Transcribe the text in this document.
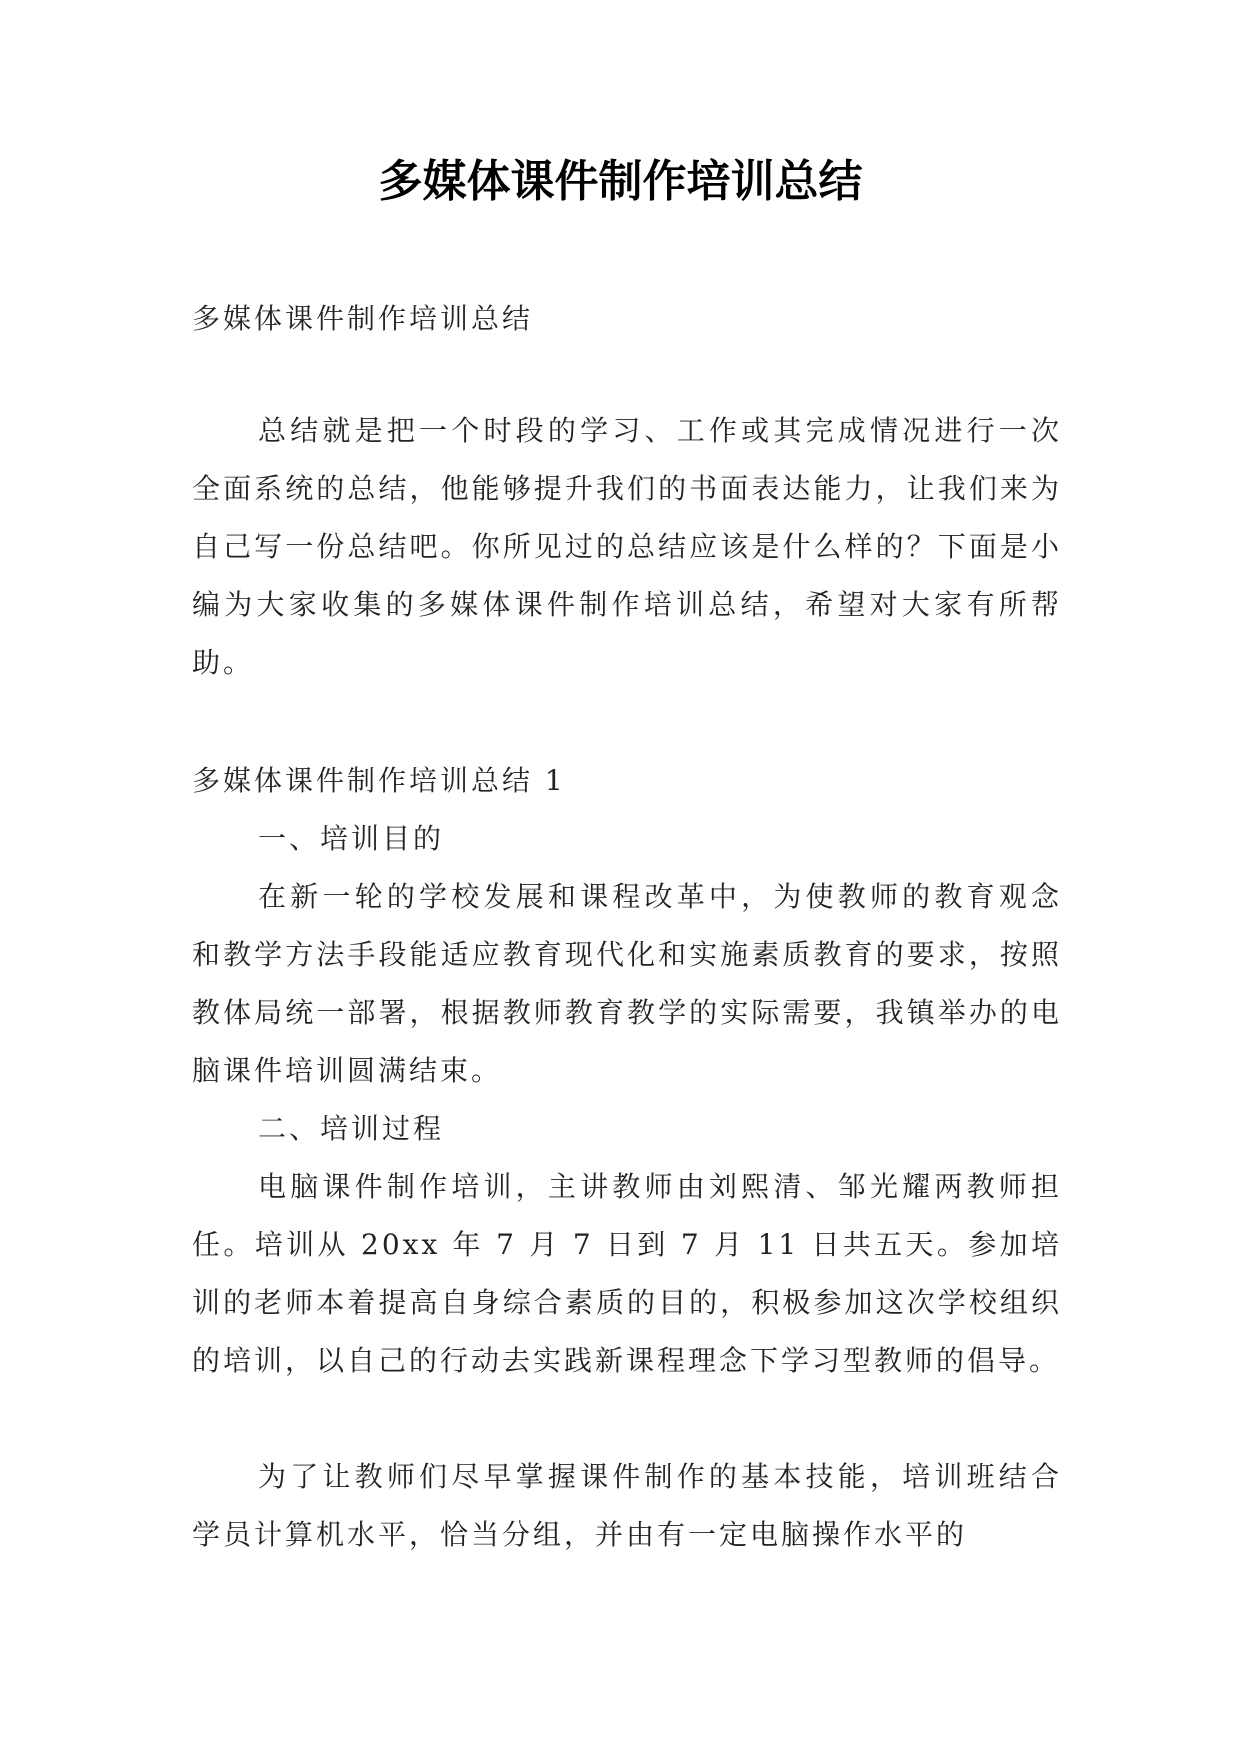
多媒体课件制作培训总结
多媒体课件制作培训总结

总结就是把一个时段的学习、工作或其完成情况进行一次全面系统的总结，他能够提升我们的书面表达能力，让我们来为自己写一份总结吧。你所见过的总结应该是什么样的？下面是小编为大家收集的多媒体课件制作培训总结，希望对大家有所帮助。

多媒体课件制作培训总结 1
一、培训目的

在新一轮的学校发展和课程改革中，为使教师的教育观念和教学方法手段能适应教育现代化和实施素质教育的要求，按照教体局统一部署，根据教师教育教学的实际需要，我镇举办的电脑课件培训圆满结束。

二、培训过程

电脑课件制作培训，主讲教师由刘熙清、邹光耀两教师担任。培训从 20xx 年 7 月 7 日到 7 月 11 日共五天。参加培训的老师本着提高自身综合素质的目的，积极参加这次学校组织的培训，以自己的行动去实践新课程理念下学习型教师的倡导。

为了让教师们尽早掌握课件制作的基本技能，培训班结合学员计算机水平，恰当分组，并由有一定电脑操作水平的
